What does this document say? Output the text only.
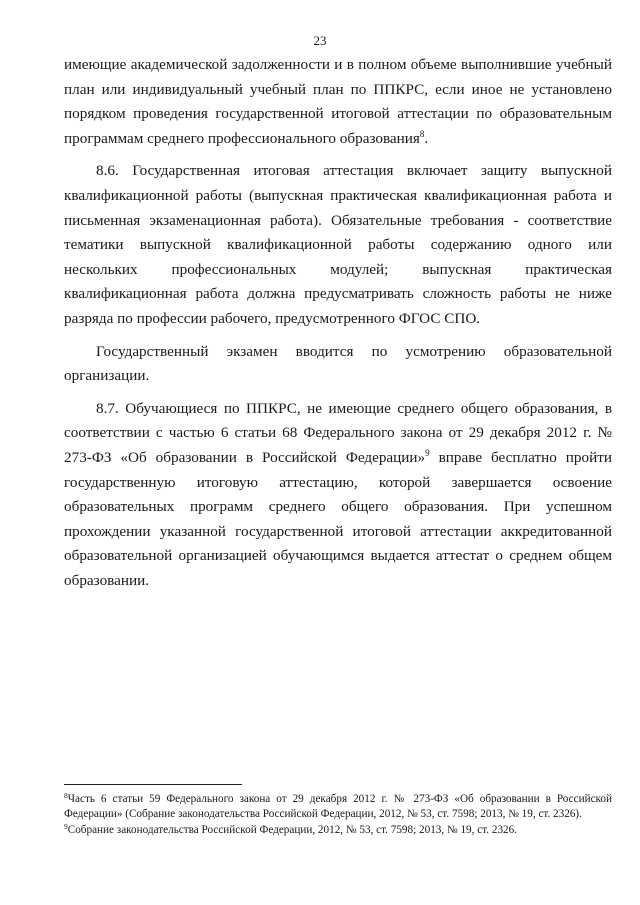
23

имеющие академической задолженности и в полном объеме выполнившие учебный план или индивидуальный учебный план по ППКРС, если иное не установлено порядком проведения государственной итоговой аттестации по образовательным программам среднего профессионального образования$^8$.

8.6. Государственная итоговая аттестация включает защиту выпускной квалификационной работы (выпускная практическая квалификационная работа и письменная экзаменационная работа). Обязательные требования - соответствие тематики выпускной квалификационной работы содержанию одного или нескольких профессиональных модулей; выпускная практическая квалификационная работа должна предусматривать сложность работы не ниже разряда по профессии рабочего, предусмотренного ФГОС СПО.

Государственный экзамен вводится по усмотрению образовательной

организации.

8.7. Обучающиеся по ППКРС, не имеющие среднего общего образования, в соответствии с частью 6 статьи 68 Федерального закона от 29 декабря 2012 г. № 273-ФЗ «Об образовании в Российской Федерации»$^9$ вправе бесплатно пройти государственную итоговую аттестацию, которой завершается освоение образовательных программ среднего общего образования. При успешном прохождении указанной государственной итоговой аттестации аккредитованной образовательной организацией обучающимся выдается аттестат о среднем общем образовании.

$^8$Часть 6 статьи 59 Федерального закона от 29 декабря 2012 г. № 273-ФЗ «Об образовании в Российской Федерации» (Собрание законодательства Российской Федерации, 2012, № 53, ст. 7598; 2013, № 19, ст. 2326).

$^9$Собрание законодательства Российской Федерации, 2012, № 53, ст. 7598; 2013, № 19, ст. 2326.
